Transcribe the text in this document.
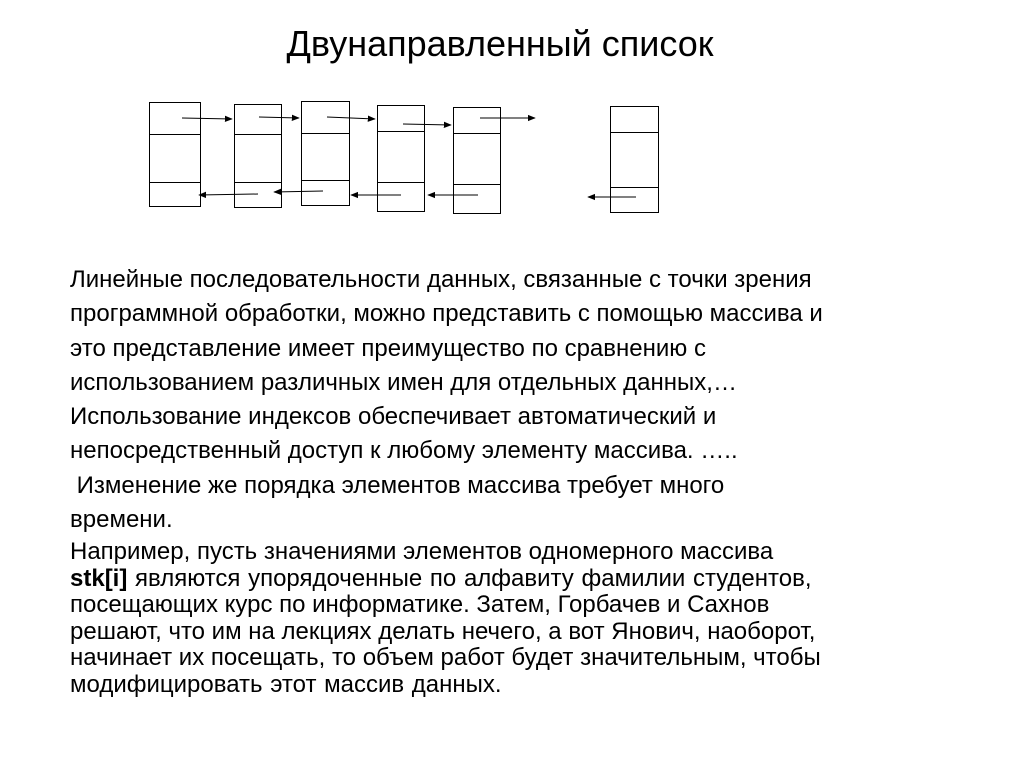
Двунаправленный список
Линейные последовательности данных, связанные с точки зрения
программной обработки, можно представить с помощью массива и
это представление имеет преимущество по сравнению с
использованием различных имен для отдельных данных,…
Использование индексов обеспечивает автоматический и
непосредственный доступ к любому элементу массива. …..
Изменение же порядка элементов массива требует много
времени.
Например, пусть значениями элементов одномерного массива
stk[i] являются упорядоченные по алфавиту фамилии студентов,
посещающих курс по информатике. Затем, Горбачев и Сахнов
решают, что им на лекциях делать нечего, а вот Янович, наоборот,
начинает их посещать, то объем работ будет значительным, чтобы
модифицировать этот массив данных.
